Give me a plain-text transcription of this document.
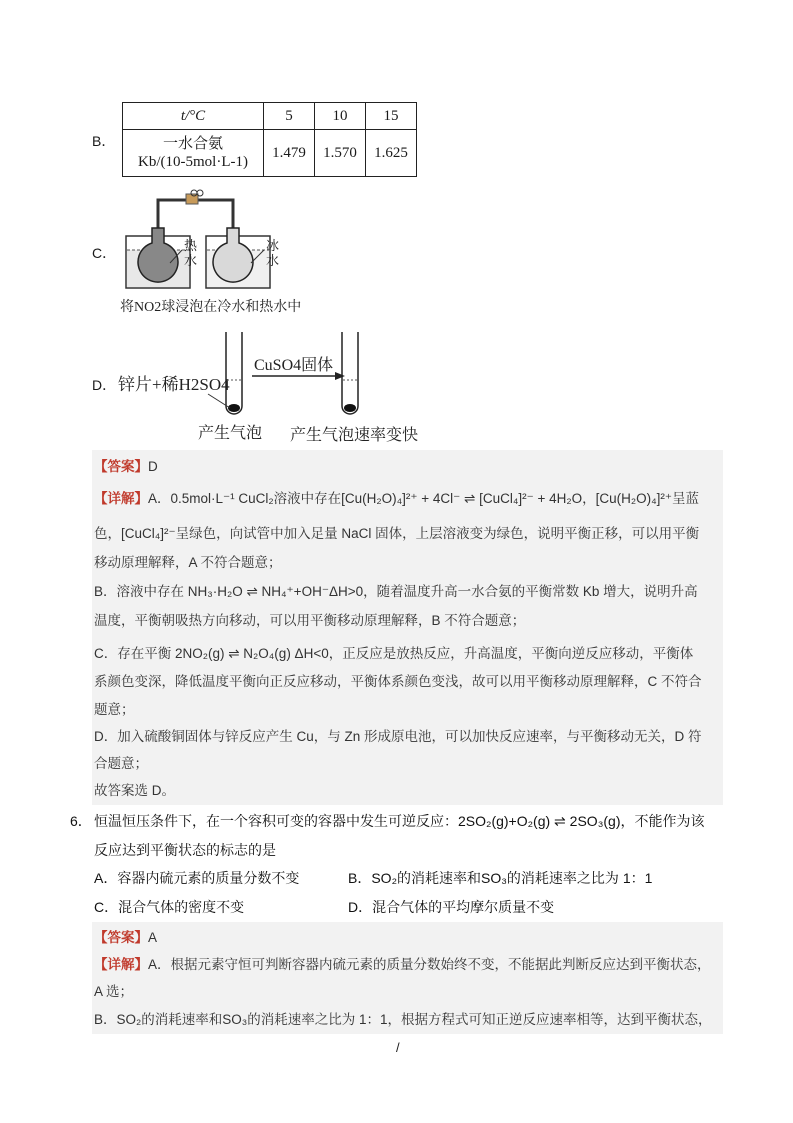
B．
t/°C	5	10	15

一水合氨
Kb/(10-5mol·L-1)	1.479	1.570	1.625
C．	热水
冰水
将NO2球浸泡在冷水和热水中
D． 锌片+稀H2SO4
CuSO4固体
产生气泡 产生气泡速率变快
【答案】D
【详解】A．0.5mol·L⁻¹ CuCl₂溶液中存在[Cu(H₂O)₄]²⁺ + 4Cl⁻ ⇌ [CuCl₄]²⁻ + 4H₂O，[Cu(H₂O)₄]²⁺呈蓝
色，[CuCl₄]²⁻呈绿色，向试管中加入足量 NaCl 固体，上层溶液变为绿色，说明平衡正移，可以用平衡
移动原理解释，A 不符合题意；
B．溶液中存在 NH₃·H₂O ⇌ NH₄⁺+OH⁻ΔH>0，随着温度升高一水合氨的平衡常数 Kb 增大，说明升高
温度，平衡朝吸热方向移动，可以用平衡移动原理解释，B 不符合题意；
C．存在平衡 2NO₂(g) ⇌ N₂O₄(g) ΔH<0，正反应是放热反应，升高温度，平衡向逆反应移动，平衡体
系颜色变深，降低温度平衡向正反应移动，平衡体系颜色变浅，故可以用平衡移动原理解释，C 不符合
题意；
D．加入硫酸铜固体与锌反应产生 Cu，与 Zn 形成原电池，可以加快反应速率，与平衡移动无关，D 符
合题意；
故答案选 D。
6． 恒温恒压条件下，在一个容积可变的容器中发生可逆反应：2SO₂(g)+O₂(g) ⇌ 2SO₃(g)，不能作为该
反应达到平衡状态的标志的是
A．容器内硫元素的质量分数不变	B．SO₂的消耗速率和SO₃的消耗速率之比为 1：1
C．混合气体的密度不变	D．混合气体的平均摩尔质量不变
【答案】A
【详解】A．根据元素守恒可判断容器内硫元素的质量分数始终不变，不能据此判断反应达到平衡状态，
A 选；
B．SO₂的消耗速率和SO₃的消耗速率之比为 1：1，根据方程式可知正逆反应速率相等，达到平衡状态，
/
